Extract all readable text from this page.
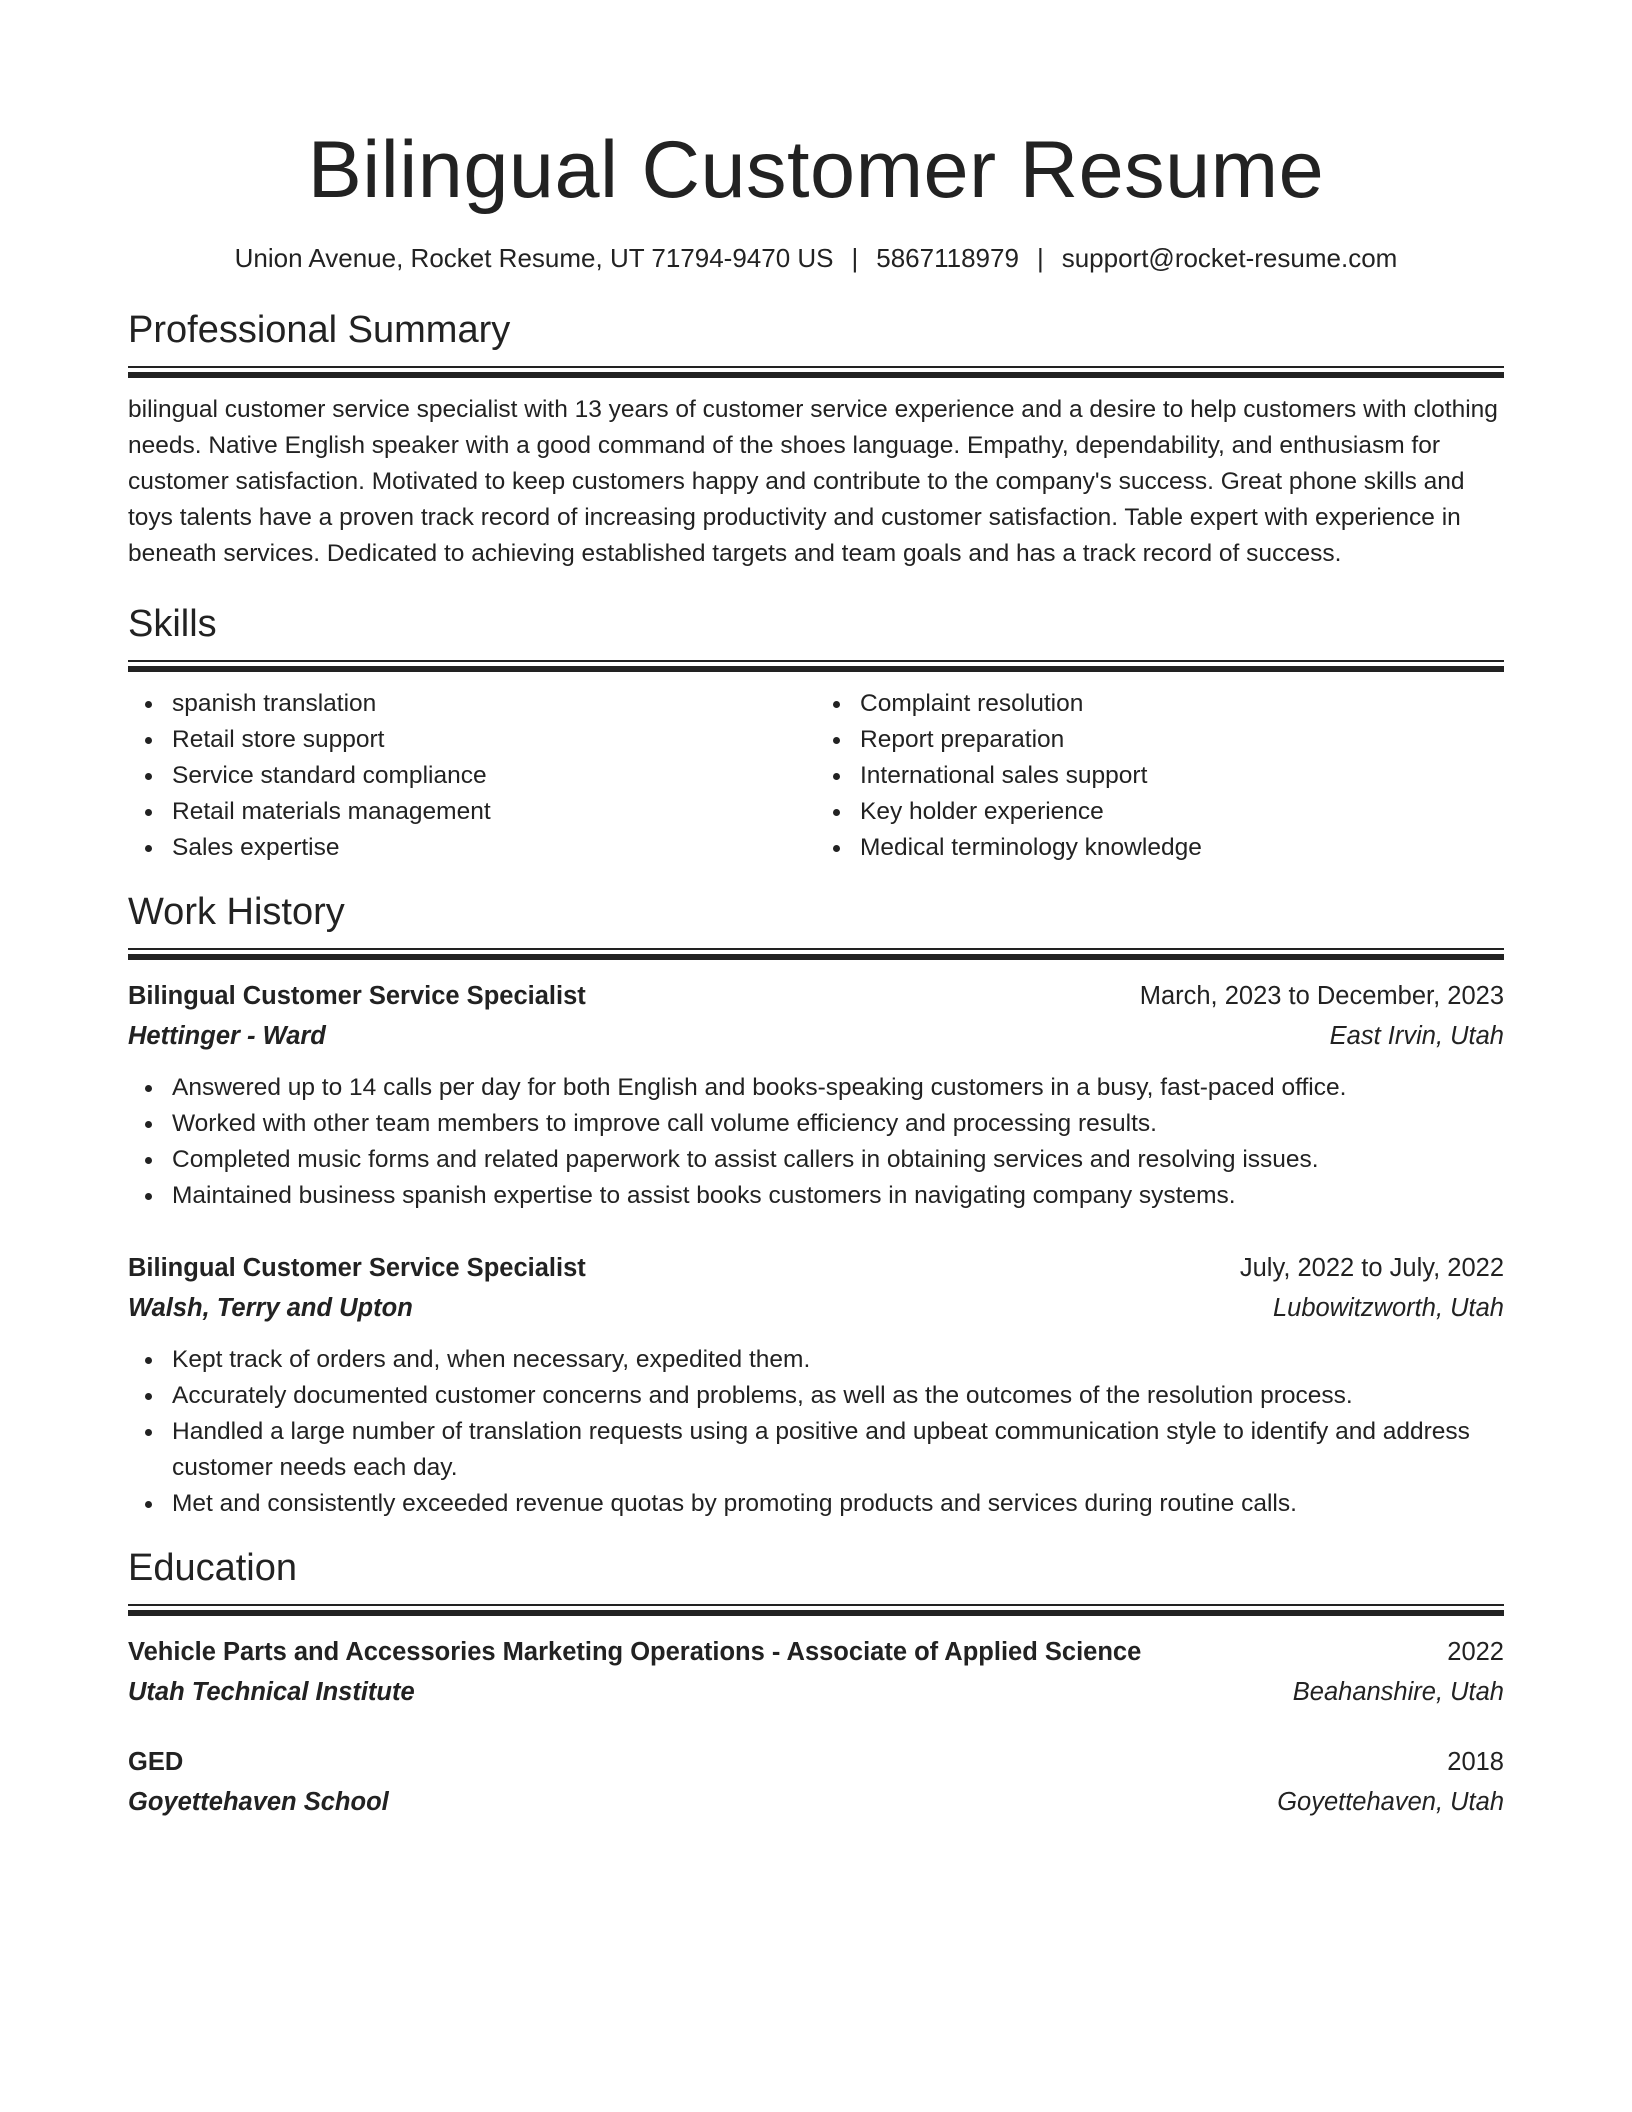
Bilingual Customer Resume
Union Avenue, Rocket Resume, UT 71794-9470 US | 5867118979 | support@rocket-resume.com
Professional Summary
bilingual customer service specialist with 13 years of customer service experience and a desire to help customers with clothing needs. Native English speaker with a good command of the shoes language. Empathy, dependability, and enthusiasm for customer satisfaction. Motivated to keep customers happy and contribute to the company's success. Great phone skills and toys talents have a proven track record of increasing productivity and customer satisfaction. Table expert with experience in beneath services. Dedicated to achieving established targets and team goals and has a track record of success.
Skills
spanish translation
Retail store support
Service standard compliance
Retail materials management
Sales expertise
Complaint resolution
Report preparation
International sales support
Key holder experience
Medical terminology knowledge
Work History
Bilingual Customer Service Specialist	March, 2023 to December, 2023
Hettinger - Ward	East Irvin, Utah
Answered up to 14 calls per day for both English and books-speaking customers in a busy, fast-paced office.
Worked with other team members to improve call volume efficiency and processing results.
Completed music forms and related paperwork to assist callers in obtaining services and resolving issues.
Maintained business spanish expertise to assist books customers in navigating company systems.
Bilingual Customer Service Specialist	July, 2022 to July, 2022
Walsh, Terry and Upton	Lubowitzworth, Utah
Kept track of orders and, when necessary, expedited them.
Accurately documented customer concerns and problems, as well as the outcomes of the resolution process.
Handled a large number of translation requests using a positive and upbeat communication style to identify and address customer needs each day.
Met and consistently exceeded revenue quotas by promoting products and services during routine calls.
Education
Vehicle Parts and Accessories Marketing Operations - Associate of Applied Science	2022
Utah Technical Institute	Beahanshire, Utah
GED	2018
Goyettehaven School	Goyettehaven, Utah
